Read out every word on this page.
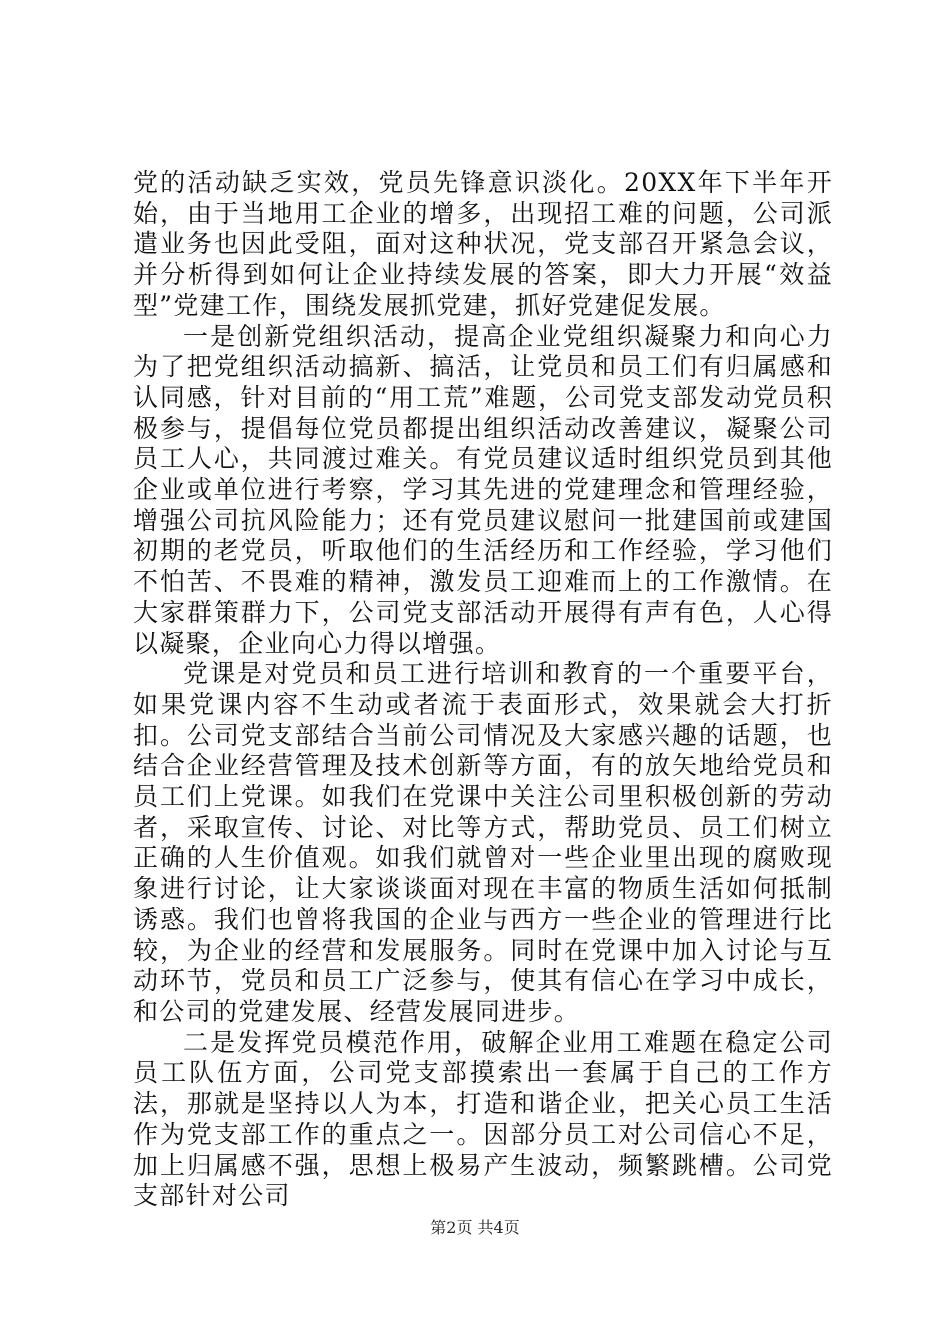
党的活动缺乏实效，党员先锋意识淡化。20XX年下半年开始，由于当地用工企业的增多，出现招工难的问题，公司派遣业务也因此受阻，面对这种状况，党支部召开紧急会议，并分析得到如何让企业持续发展的答案，即大力开展“效益型”党建工作，围绕发展抓党建，抓好党建促发展。

一是创新党组织活动，提高企业党组织凝聚力和向心力为了把党组织活动搞新、搞活，让党员和员工们有归属感和认同感，针对目前的“用工荒”难题，公司党支部发动党员积极参与，提倡每位党员都提出组织活动改善建议，凝聚公司员工人心，共同渡过难关。有党员建议适时组织党员到其他企业或单位进行考察，学习其先进的党建理念和管理经验，增强公司抗风险能力；还有党员建议慰问一批建国前或建国初期的老党员，听取他们的生活经历和工作经验，学习他们不怕苦、不畏难的精神，激发员工迎难而上的工作激情。在大家群策群力下，公司党支部活动开展得有声有色，人心得以凝聚，企业向心力得以增强。

党课是对党员和员工进行培训和教育的一个重要平台，如果党课内容不生动或者流于表面形式，效果就会大打折扣。公司党支部结合当前公司情况及大家感兴趣的话题，也结合企业经营管理及技术创新等方面，有的放矢地给党员和员工们上党课。如我们在党课中关注公司里积极创新的劳动者，采取宣传、讨论、对比等方式，帮助党员、员工们树立正确的人生价值观。如我们就曾对一些企业里出现的腐败现象进行讨论，让大家谈谈面对现在丰富的物质生活如何抵制诱惑。我们也曾将我国的企业与西方一些企业的管理进行比较，为企业的经营和发展服务。同时在党课中加入讨论与互动环节，党员和员工广泛参与，使其有信心在学习中成长，和公司的党建发展、经营发展同进步。

二是发挥党员模范作用，破解企业用工难题在稳定公司员工队伍方面，公司党支部摸索出一套属于自己的工作方法，那就是坚持以人为本，打造和谐企业，把关心员工生活作为党支部工作的重点之一。因部分员工对公司信心不足，加上归属感不强，思想上极易产生波动，频繁跳槽。公司党支部针对公司

第2页 共4页
